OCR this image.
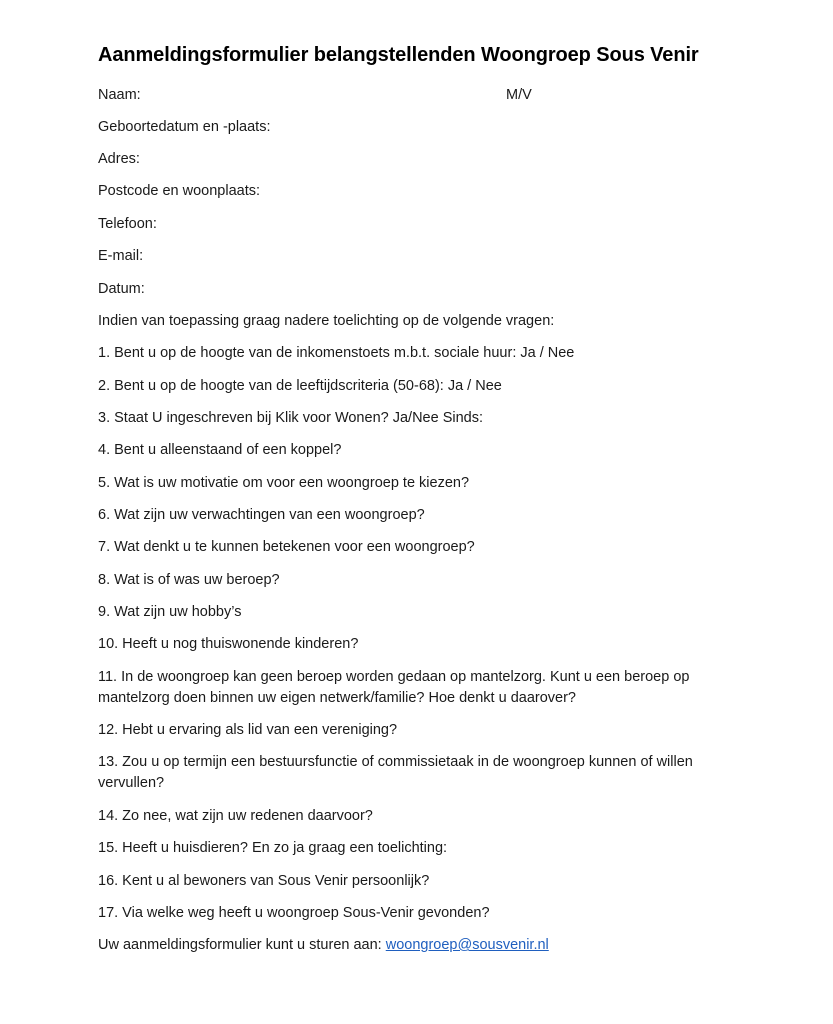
Aanmeldingsformulier belangstellenden Woongroep Sous Venir

Naam:	M/V

Geboortedatum en -plaats:

Adres:

Postcode en woonplaats:

Telefoon:

E-mail:

Datum:

Indien van toepassing graag nadere toelichting op de volgende vragen:

1. Bent u op de hoogte van de inkomenstoets m.b.t. sociale huur: Ja / Nee

2. Bent u op de hoogte van de leeftijdscriteria (50-68): Ja / Nee

3. Staat U ingeschreven bij Klik voor Wonen? Ja/Nee Sinds:

4. Bent u alleenstaand of een koppel?

5. Wat is uw motivatie om voor een woongroep te kiezen?

6. Wat zijn uw verwachtingen van een woongroep?

7. Wat denkt u te kunnen betekenen voor een woongroep?

8. Wat is of was uw beroep?

9. Wat zijn uw hobby’s

10. Heeft u nog thuiswonende kinderen?

11. In de woongroep kan geen beroep worden gedaan op mantelzorg. Kunt u een beroep op mantelzorg doen binnen uw eigen netwerk/familie? Hoe denkt u daarover?

12. Hebt u ervaring als lid van een vereniging?

13. Zou u op termijn een bestuursfunctie of commissietaak in de woongroep kunnen of willen vervullen?

14. Zo nee, wat zijn uw redenen daarvoor?

15. Heeft u huisdieren? En zo ja graag een toelichting:

16. Kent u al bewoners van Sous Venir persoonlijk?

17. Via welke weg heeft u woongroep Sous-Venir gevonden?

Uw aanmeldingsformulier kunt u sturen aan: woongroep@sousvenir.nl
